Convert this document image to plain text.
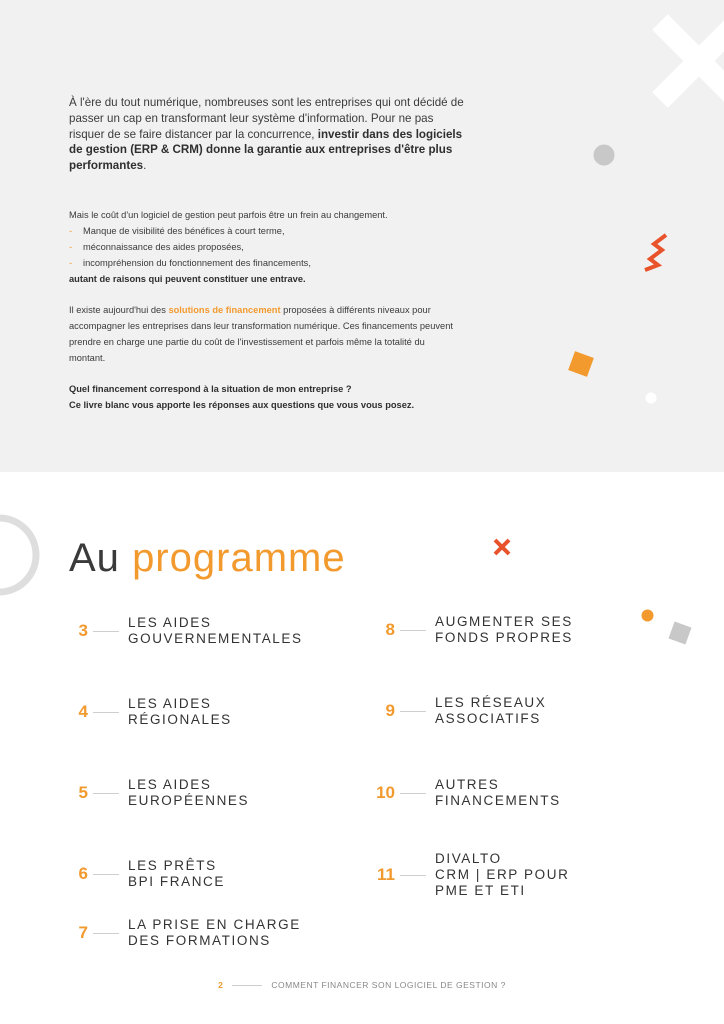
À l'ère du tout numérique, nombreuses sont les entreprises qui ont décidé de passer un cap en transformant leur système d'information. Pour ne pas risquer de se faire distancer par la concurrence, investir dans des logiciels de gestion (ERP & CRM) donne la garantie aux entreprises d'être plus performantes.

Mais le coût d'un logiciel de gestion peut parfois être un frein au changement.
- Manque de visibilité des bénéfices à court terme,
- méconnaissance des aides proposées,
- incompréhension du fonctionnement des financements,
autant de raisons qui peuvent constituer une entrave.

Il existe aujourd'hui des solutions de financement proposées à différents niveaux pour accompagner les entreprises dans leur transformation numérique. Ces financements peuvent prendre en charge une partie du coût de l'investissement et parfois même la totalité du montant.

Quel financement correspond à la situation de mon entreprise ?
Ce livre blanc vous apporte les réponses aux questions que vous vous posez.
Au programme
3	LES AIDES
GOUVERNEMENTALES
4	LES AIDES
RÉGIONALES
5	LES AIDES
EUROPÉENNES
6	LES PRÊTS
BPI FRANCE
7	LA PRISE EN CHARGE
DES FORMATIONS
8	AUGMENTER SES
FONDS PROPRES
9	LES RÉSEAUX
ASSOCIATIFS
10	AUTRES
FINANCEMENTS
11
DIVALTO
CRM | ERP POUR
PME ET ETI
2	COMMENT FINANCER SON LOGICIEL DE GESTION ?
